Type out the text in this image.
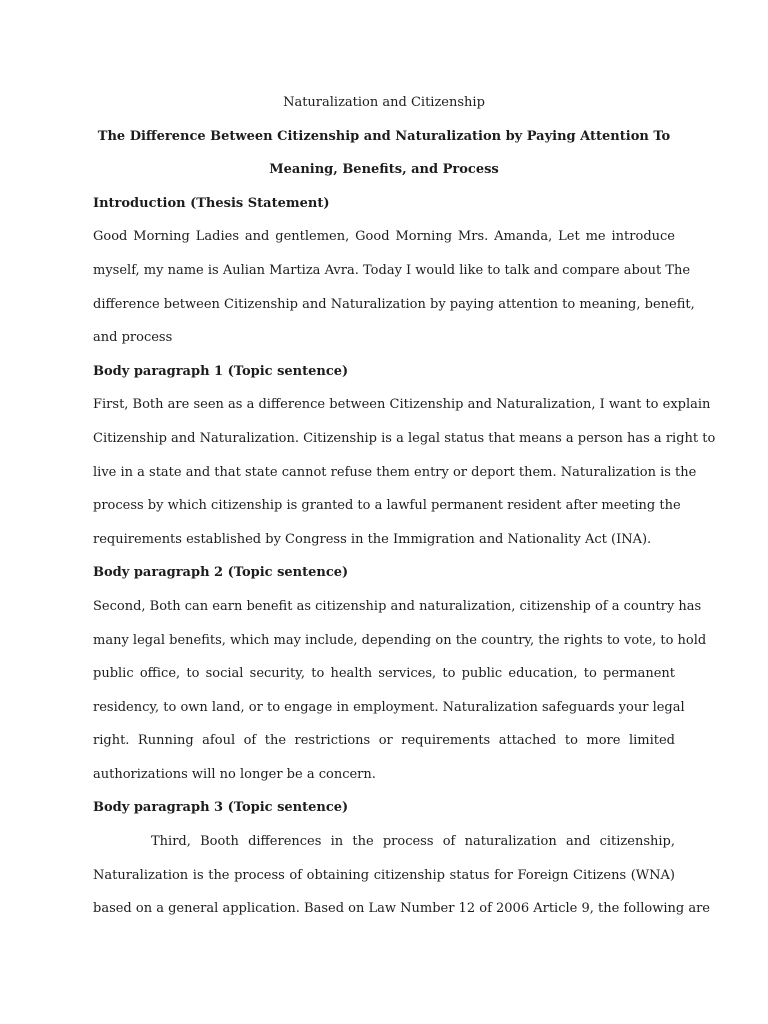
Naturalization and Citizenship
The Difference Between Citizenship and Naturalization by Paying Attention To
Meaning, Benefits, and Process
Introduction (Thesis Statement)
Good Morning Ladies and gentlemen, Good Morning Mrs. Amanda, Let me introduce
myself, my name is Aulian Martiza Avra. Today I would like to talk and compare about The
difference between Citizenship and Naturalization by paying attention to meaning, benefit,
and process
Body paragraph 1 (Topic sentence)
First, Both are seen as a difference between Citizenship and Naturalization, I want to explain
Citizenship and Naturalization. Citizenship is a legal status that means a person has a right to
live in a state and that state cannot refuse them entry or deport them. Naturalization is the
process by which citizenship is granted to a lawful permanent resident after meeting the
requirements established by Congress in the Immigration and Nationality Act (INA).
Body paragraph 2 (Topic sentence)
Second, Both can earn benefit as citizenship and naturalization, citizenship of a country has
many legal benefits, which may include, depending on the country, the rights to vote, to hold
public office, to social security, to health services, to public education, to permanent
residency, to own land, or to engage in employment. Naturalization safeguards your legal
right. Running afoul of the restrictions or requirements attached to more limited
authorizations will no longer be a concern.
Body paragraph 3 (Topic sentence)
Third, Booth differences in the process of naturalization and citizenship,
Naturalization is the process of obtaining citizenship status for Foreign Citizens (WNA)
based on a general application. Based on Law Number 12 of 2006 Article 9, the following are
